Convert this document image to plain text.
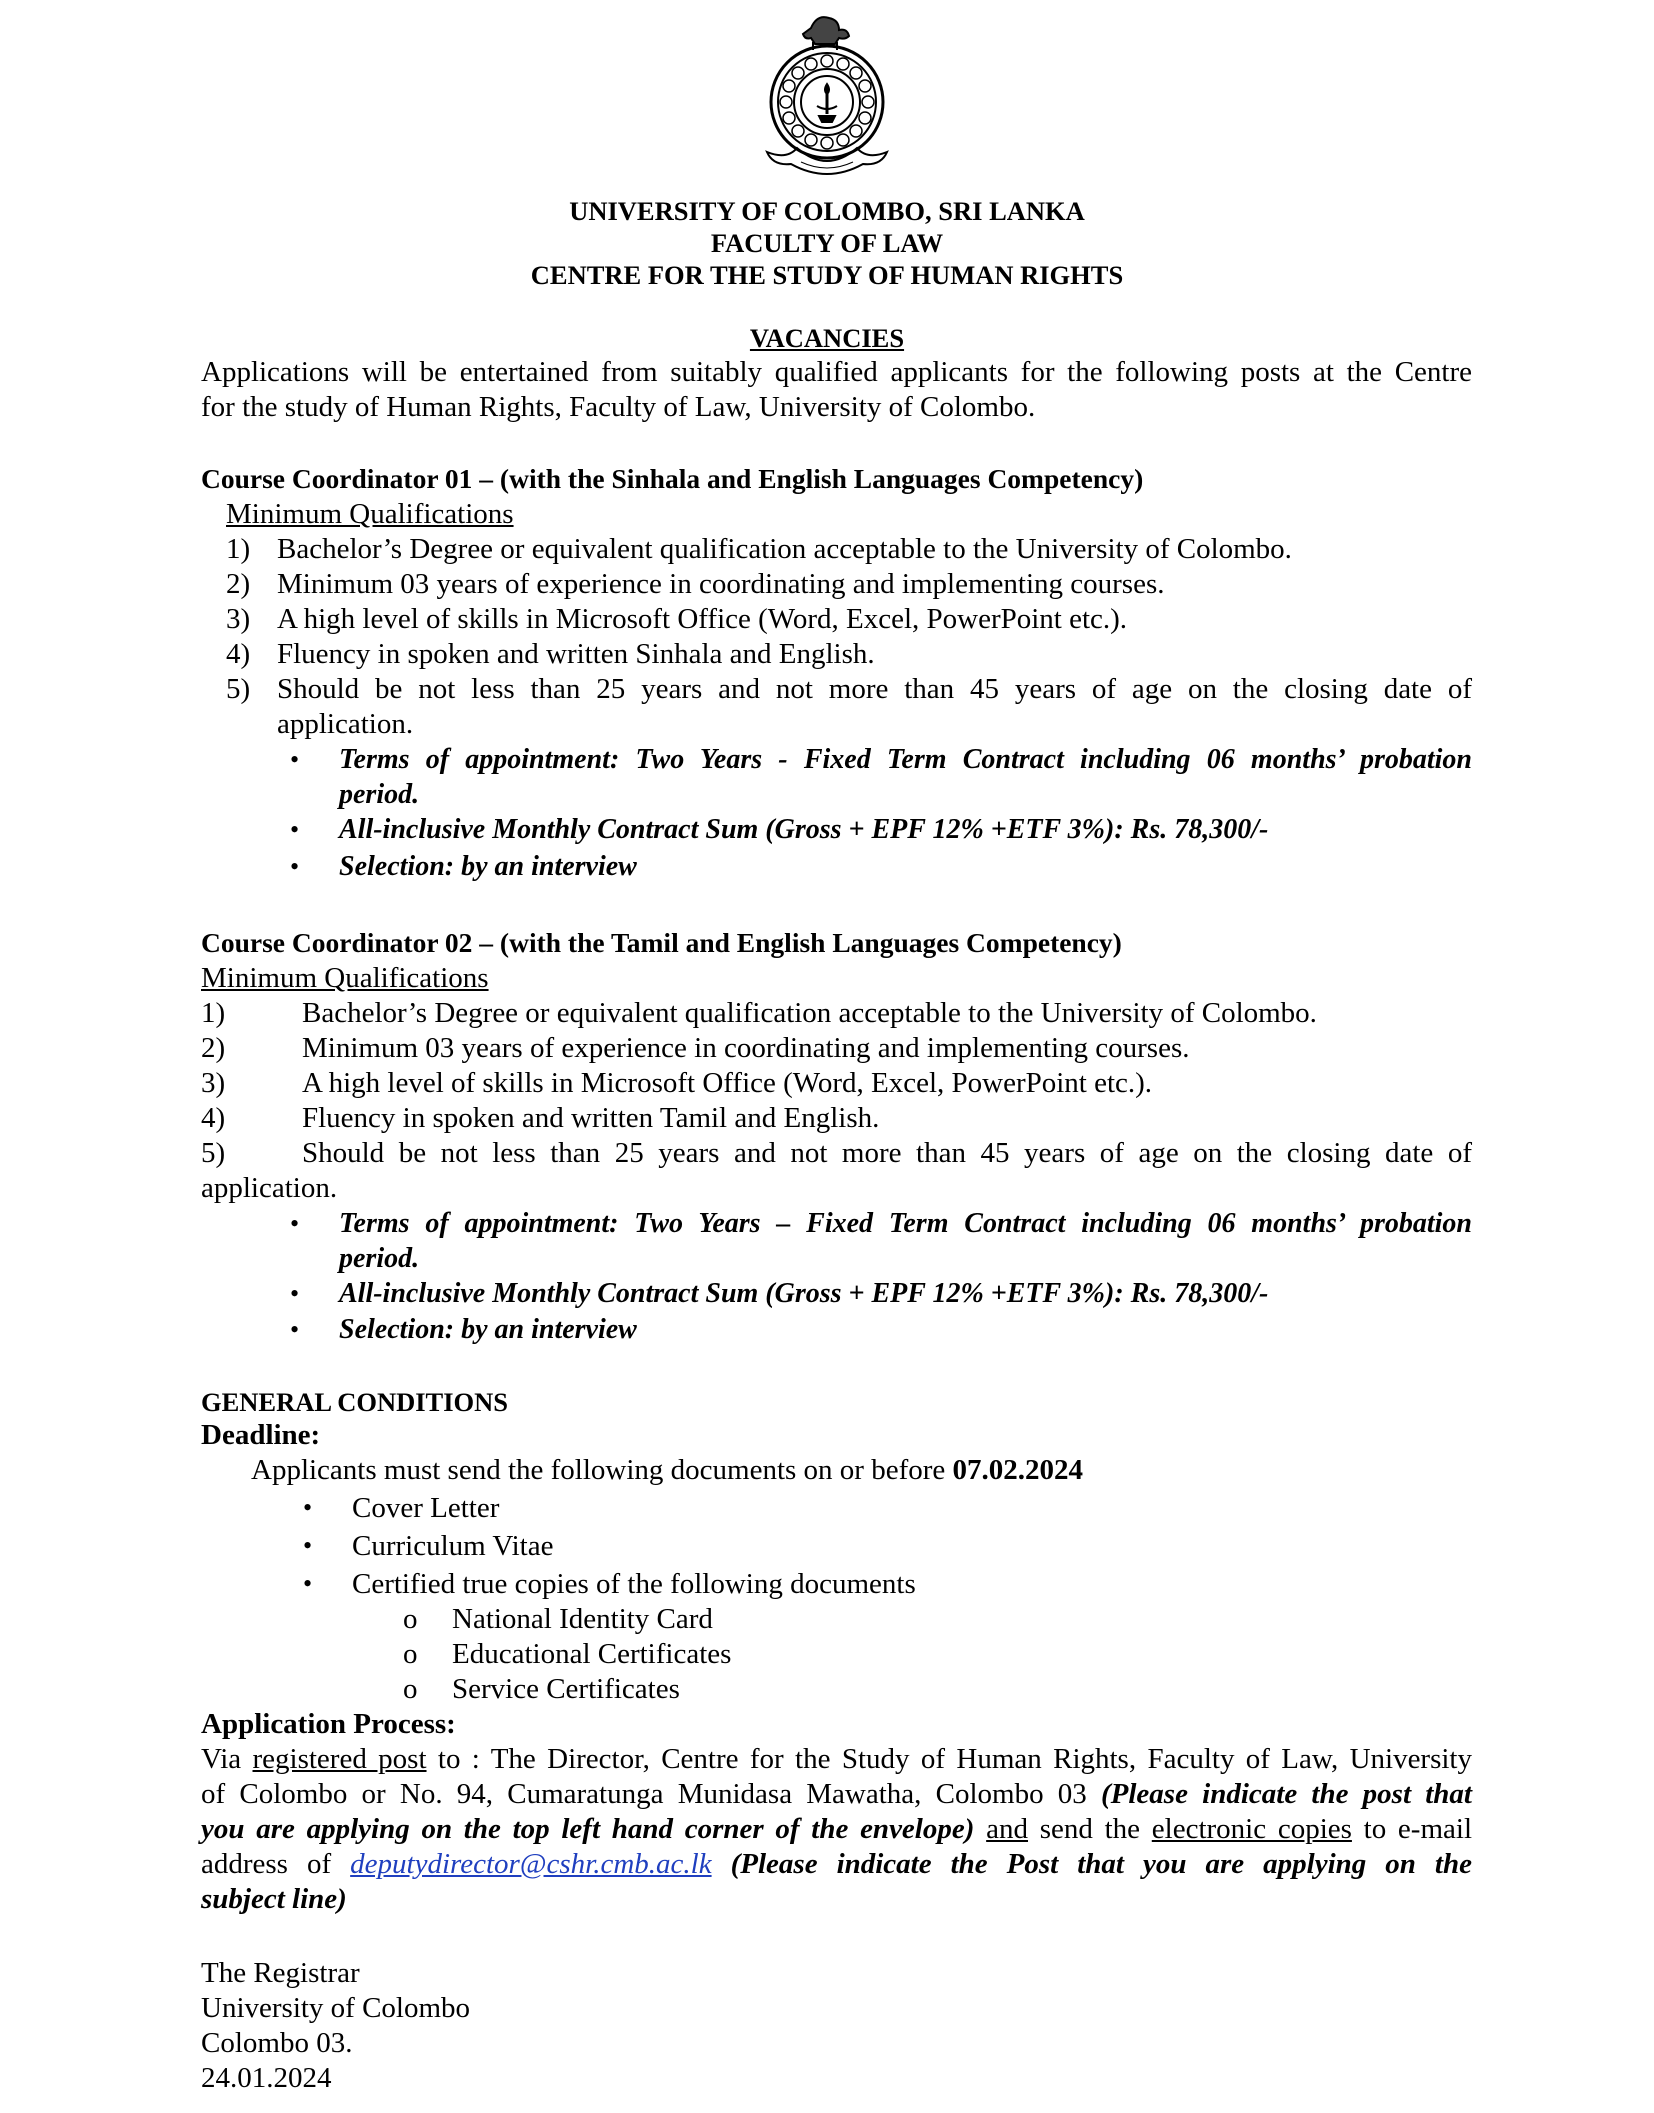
UNIVERSITY OF COLOMBO, SRI LANKA
FACULTY OF LAW
CENTRE FOR THE STUDY OF HUMAN RIGHTS
VACANCIES
Applications will be entertained from suitably qualified applicants for the following posts at the Centre
for the study of Human Rights, Faculty of Law, University of Colombo.
Course Coordinator 01 – (with the Sinhala and English Languages Competency)
Minimum Qualifications
1) Bachelor’s Degree or equivalent qualification acceptable to the University of Colombo.
2) Minimum 03 years of experience in coordinating and implementing courses.
3) A high level of skills in Microsoft Office (Word, Excel, PowerPoint etc.).
4) Fluency in spoken and written Sinhala and English.
5) Should be not less than 25 years and not more than 45 years of age on the closing date of
application.
• Terms of appointment: Two Years - Fixed Term Contract including 06 months’ probation
period.
• All-inclusive Monthly Contract Sum (Gross + EPF 12% +ETF 3%): Rs. 78,300/-
• Selection: by an interview
Course Coordinator 02 – (with the Tamil and English Languages Competency)
Minimum Qualifications
1)	Bachelor’s Degree or equivalent qualification acceptable to the University of Colombo.
2)	Minimum 03 years of experience in coordinating and implementing courses.
3)	A high level of skills in Microsoft Office (Word, Excel, PowerPoint etc.).
4)	Fluency in spoken and written Tamil and English.
5)	Should be not less than 25 years and not more than 45 years of age on the closing date of
application.
• Terms of appointment: Two Years – Fixed Term Contract including 06 months’ probation
period.
• All-inclusive Monthly Contract Sum (Gross + EPF 12% +ETF 3%): Rs. 78,300/-
• Selection: by an interview
GENERAL CONDITIONS
Deadline:
Applicants must send the following documents on or before 07.02.2024
• Cover Letter
• Curriculum Vitae
• Certified true copies of the following documents
o National Identity Card
o Educational Certificates
o Service Certificates
Application Process:
Via registered post to : The Director, Centre for the Study of Human Rights, Faculty of Law, University
of Colombo or No. 94, Cumaratunga Munidasa Mawatha, Colombo 03 (Please indicate the post that
you are applying on the top left hand corner of the envelope) and send the electronic copies to e-mail
address of deputydirector@cshr.cmb.ac.lk (Please indicate the Post that you are applying on the
subject line)
The Registrar
University of Colombo
Colombo 03.
24.01.2024
